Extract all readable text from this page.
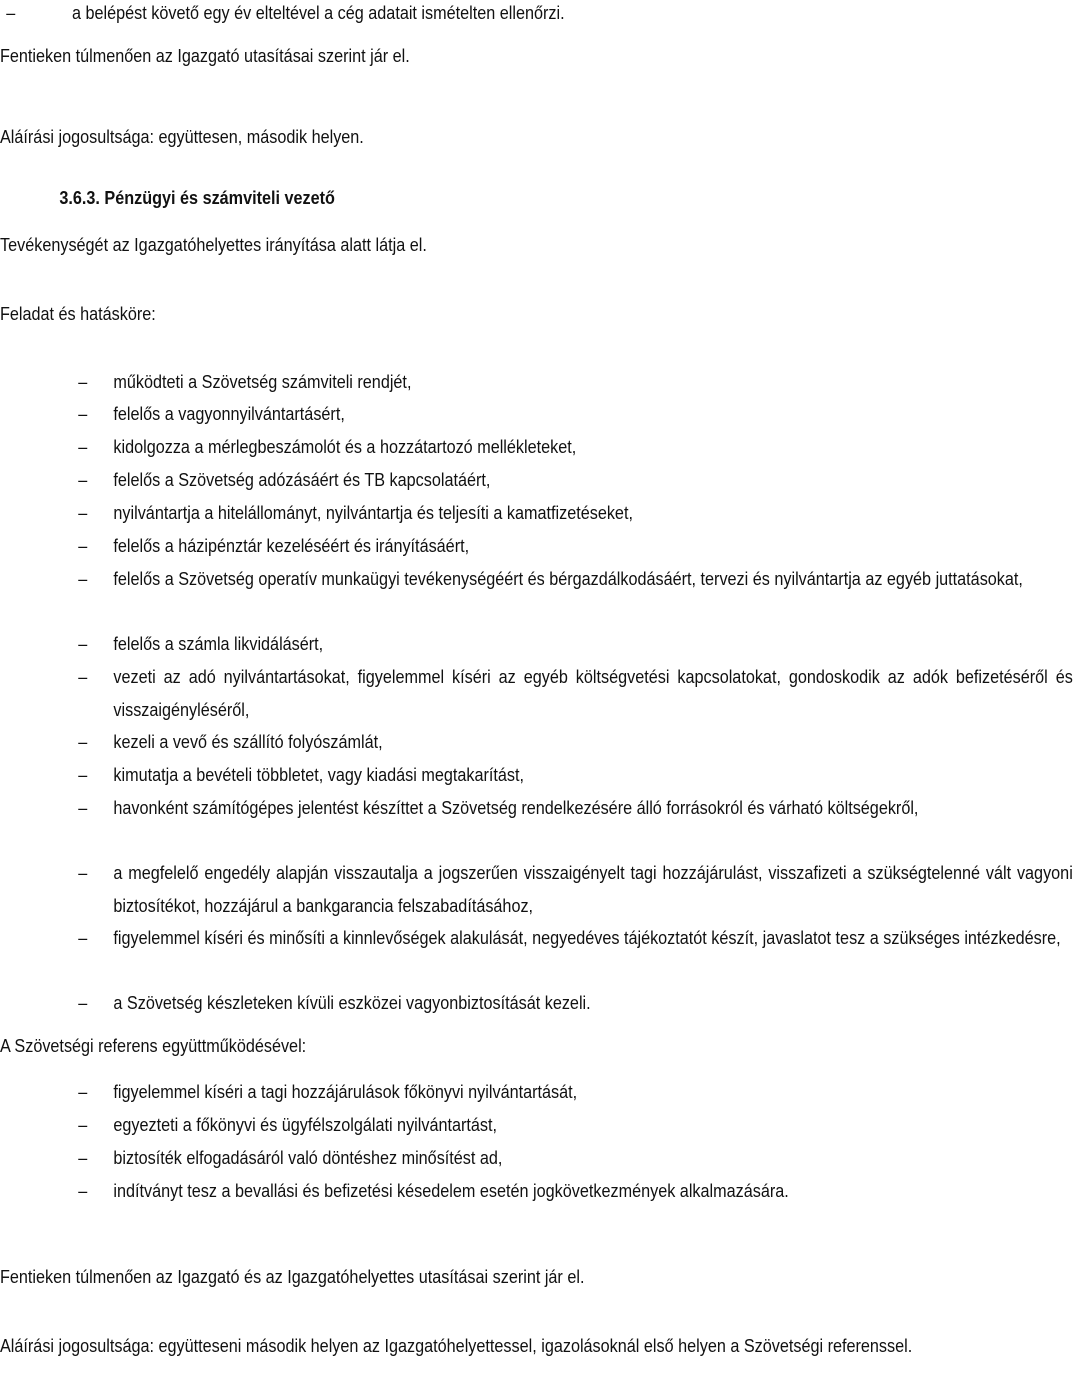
–	a belépést követő egy év elteltével a cég adatait ismételten ellenőrzi.

Fentieken túlmenően az Igazgató utasításai szerint jár el.

Aláírási jogosultsága: együttesen, második helyen.

3.6.3. Pénzügyi és számviteli vezető

Tevékenységét az Igazgatóhelyettes irányítása alatt látja el.

Feladat és hatásköre:

–	működteti a Szövetség számviteli rendjét,
–	felelős a vagyonnyilvántartásért,
–	kidolgozza a mérlegbeszámolót és a hozzátartozó mellékleteket,
–	felelős a Szövetség adózásáért és TB kapcsolatáért,
–	nyilvántartja a hitelállományt, nyilvántartja és teljesíti a kamatfizetéseket,
–	felelős a házipénztár kezeléséért és irányításáért,
–	felelős a Szövetség operatív munkaügyi tevékenységéért és bérgazdálkodásáért, tervezi és nyilvántartja az egyéb juttatásokat,
–	felelős a számla likvidálásért,
–	vezeti az adó nyilvántartásokat, figyelemmel kíséri az egyéb költségvetési kapcsolatokat, gondoskodik az adók befizetéséről és visszaigényléséről,
–	kezeli a vevő és szállító folyószámlát,
–	kimutatja a bevételi többletet, vagy kiadási megtakarítást,
–	havonként számítógépes jelentést készíttet a Szövetség rendelkezésére álló forrásokról és várható költségekről,
–	a megfelelő engedély alapján visszautalja a jogszerűen visszaigényelt tagi hozzájárulást, visszafizeti a szükségtelenné vált vagyoni biztosítékot, hozzájárul a bankgarancia felszabadításához,
–	figyelemmel kíséri és minősíti a kinnlevőségek alakulását, negyedéves tájékoztatót készít, javaslatot tesz a szükséges intézkedésre,
–	a Szövetség készleteken kívüli eszközei vagyonbiztosítását kezeli.

A Szövetségi referens együttműködésével:

–	figyelemmel kíséri a tagi hozzájárulások főkönyvi nyilvántartását,
–	egyezteti a főkönyvi és ügyfélszolgálati nyilvántartást,
–	biztosíték elfogadásáról való döntéshez minősítést ad,
–	indítványt tesz a bevallási és befizetési késedelem esetén jogkövetkezmények alkalmazására.

Fentieken túlmenően az Igazgató és az Igazgatóhelyettes utasításai szerint jár el.

Aláírási jogosultsága: együtteseni második helyen az Igazgatóhelyettessel, igazolásoknál első helyen a Szövetségi referenssel.
